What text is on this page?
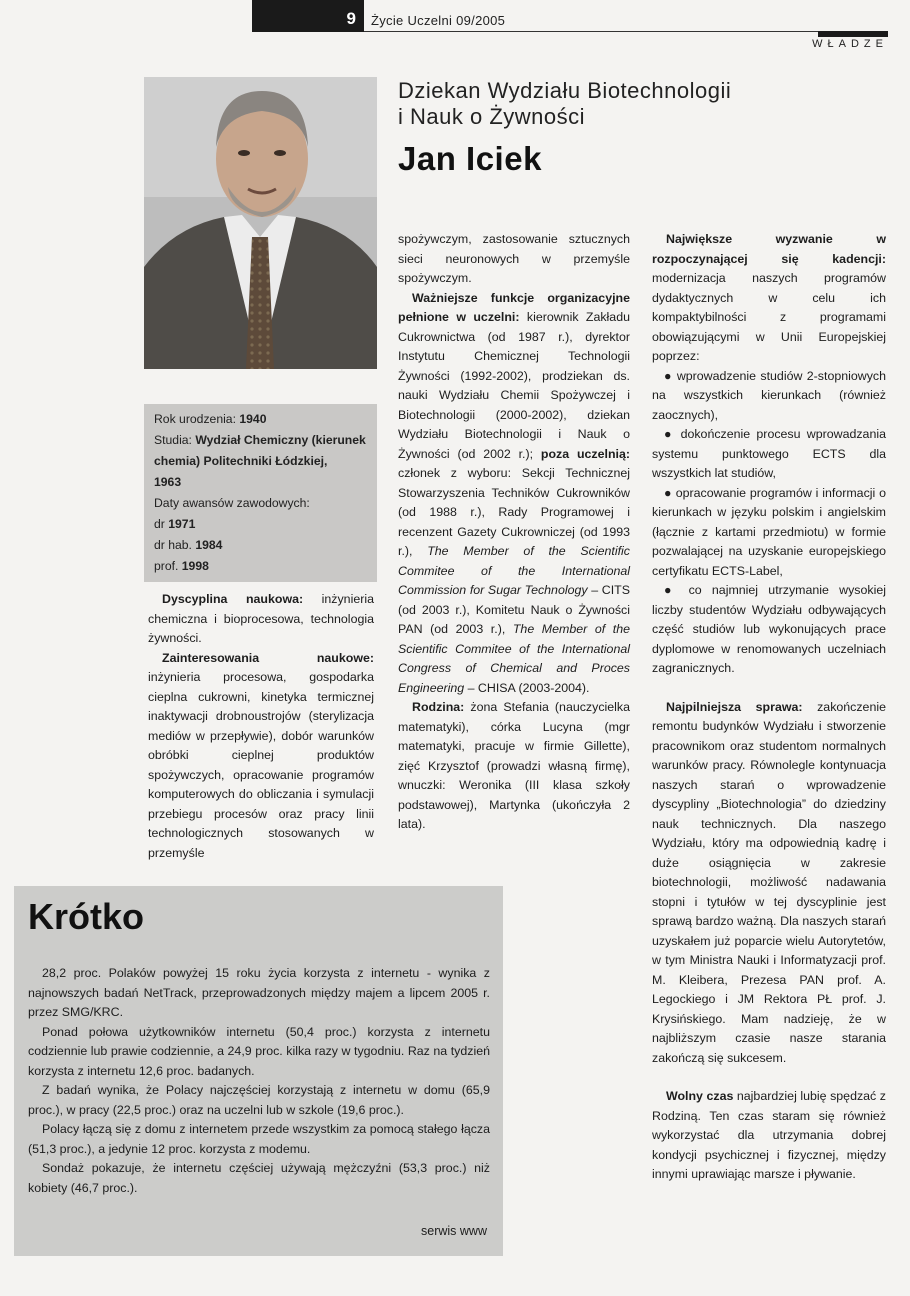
9	Życie Uczelni 09/2005
WŁADZE
Dziekan Wydziału Biotechnologii
i Nauk o Żywności
Jan Iciek
Rok urodzenia: 1940
Studia: Wydział Chemiczny (kierunek chemia) Politechniki Łódzkiej,
1963
Daty awansów zawodowych:
dr 1971
dr hab. 1984
prof. 1998

Dyscyplina naukowa: inżynieria chemiczna i bioprocesowa, technologia żywności.

Zainteresowania naukowe: inżynieria procesowa, gospodarka cieplna cukrowni, kinetyka termicznej inaktywacji drobnoustrojów (sterylizacja mediów w przepływie), dobór warunków obróbki cieplnej produktów spożywczych, opracowanie programów komputerowych do obliczania i symulacji przebiegu procesów oraz pracy linii technologicznych stosowanych w przemyśle

spożywczym, zastosowanie sztucznych sieci neuronowych w przemyśle spożywczym.

Ważniejsze funkcje organizacyjne pełnione w uczelni: kierownik Zakładu Cukrownictwa (od 1987 r.), dyrektor Instytutu Chemicznej Technologii Żywności (1992-2002), prodziekan ds. nauki Wydziału Chemii Spożywczej i Biotechnologii (2000-2002), dziekan Wydziału Biotechnologii i Nauk o Żywności (od 2002 r.); poza uczelnią: członek z wyboru: Sekcji Technicznej Stowarzyszenia Techników Cukrowników (od 1988 r.), Rady Programowej i recenzent Gazety Cukrowniczej (od 1993 r.), The Member of the Scientific Commitee of the International Commission for Sugar Technology – CITS (od 2003 r.), Komitetu Nauk o Żywności PAN (od 2003 r.), The Member of the Scientific Commitee of the International Congress of Chemical and Proces Engineering – CHISA (2003-2004).

Rodzina: żona Stefania (nauczycielka matematyki), córka Lucyna (mgr matematyki, pracuje w firmie Gillette), zięć Krzysztof (prowadzi własną firmę), wnuczki: Weronika (III klasa szkoły podstawowej), Martynka (ukończyła 2 lata).

Największe wyzwanie w rozpoczynającej się kadencji: modernizacja naszych programów dydaktycznych w celu ich kompaktybilności z programami obowiązującymi w Unii Europejskiej poprzez:

● wprowadzenie studiów 2-stopniowych na wszystkich kierunkach (również zaocznych),

● dokończenie procesu wprowadzania systemu punktowego ECTS dla wszystkich lat studiów,

● opracowanie programów i informacji o kierunkach w języku polskim i angielskim (łącznie z kartami przedmiotu) w formie pozwalającej na uzyskanie europejskiego certyfikatu ECTS-Label,

● co najmniej utrzymanie wysokiej liczby studentów Wydziału odbywających część studiów lub wykonujących prace dyplomowe w renomowanych uczelniach zagranicznych.

Najpilniejsza sprawa: zakończenie remontu budynków Wydziału i stworzenie pracownikom oraz studentom normalnych warunków pracy. Równolegle kontynuacja naszych starań o wprowadzenie dyscypliny „Biotechnologia” do dziedziny nauk technicznych. Dla naszego Wydziału, który ma odpowiednią kadrę i duże osiągnięcia w zakresie biotechnologii, możliwość nadawania stopni i tytułów w tej dyscyplinie jest sprawą bardzo ważną. Dla naszych starań uzyskałem już poparcie wielu Autorytetów, w tym Ministra Nauki i Informatyzacji prof. M. Kleibera, Prezesa PAN prof. A. Legockiego i JM Rektora PŁ prof. J. Krysińskiego. Mam nadzieję, że w najbliższym czasie nasze starania zakończą się sukcesem.

Wolny czas najbardziej lubię spędzać z Rodziną. Ten czas staram się również wykorzystać dla utrzymania dobrej kondycji psychicznej i fizycznej, między innymi uprawiając marsze i pływanie.

Krótko

28,2 proc. Polaków powyżej 15 roku życia korzysta z internetu - wynika z najnowszych badań NetTrack, przeprowadzonych między majem a lipcem 2005 r. przez SMG/KRC.

Ponad połowa użytkowników internetu (50,4 proc.) korzysta z internetu codziennie lub prawie codziennie, a 24,9 proc. kilka razy w tygodniu. Raz na tydzień korzysta z internetu 12,6 proc. badanych.

Z badań wynika, że Polacy najczęściej korzystają z internetu w domu (65,9 proc.), w pracy (22,5 proc.) oraz na uczelni lub w szkole (19,6 proc.).

Polacy łączą się z domu z internetem przede wszystkim za pomocą stałego łącza (51,3 proc.), a jedynie 12 proc. korzysta z modemu.

Sondaż pokazuje, że internetu częściej używają mężczyźni (53,3 proc.) niż kobiety (46,7 proc.).

serwis www
